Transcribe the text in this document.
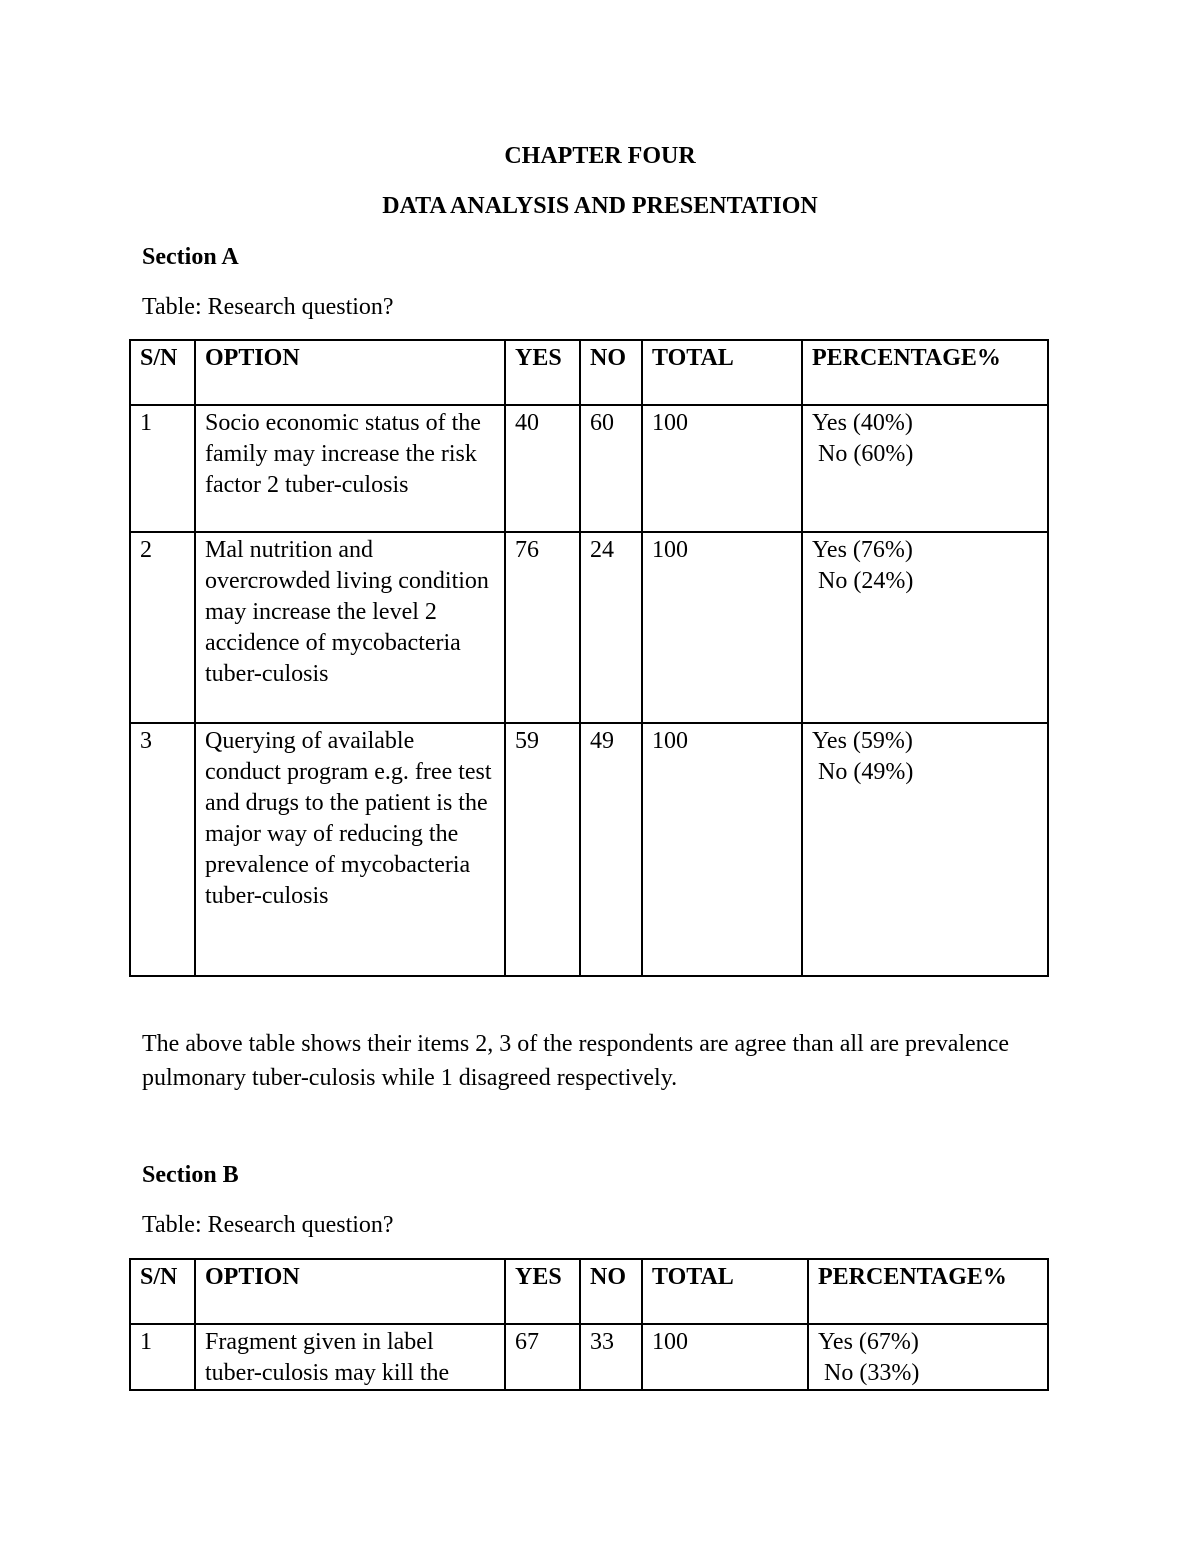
CHAPTER FOUR
DATA ANALYSIS AND PRESENTATION
Section A
Table: Research question?
S/N	OPTION	YES	NO	TOTAL	PERCENTAGE%
1	Socio economic status of the family may increase the risk factor 2 tuber-culosis	40	60	100	Yes (40%)
No (60%)

2	Mal nutrition and overcrowded living condition may increase the level 2 accidence of mycobacteria tuber-culosis	76	24	100	Yes (76%)
No (24%)

3	Querying of available conduct program e.g. free test and drugs to the patient is the major way of reducing the prevalence of mycobacteria tuber-culosis	59	49	100	Yes (59%)
No (49%)
The above table shows their items 2, 3 of the respondents are agree than all are prevalence pulmonary tuber-culosis while 1 disagreed respectively.
Section B
Table: Research question?
S/N	OPTION	YES	NO	TOTAL	PERCENTAGE%
1	Fragment given in label tuber-culosis may kill the	67	33	100	Yes (67%)
No (33%)
